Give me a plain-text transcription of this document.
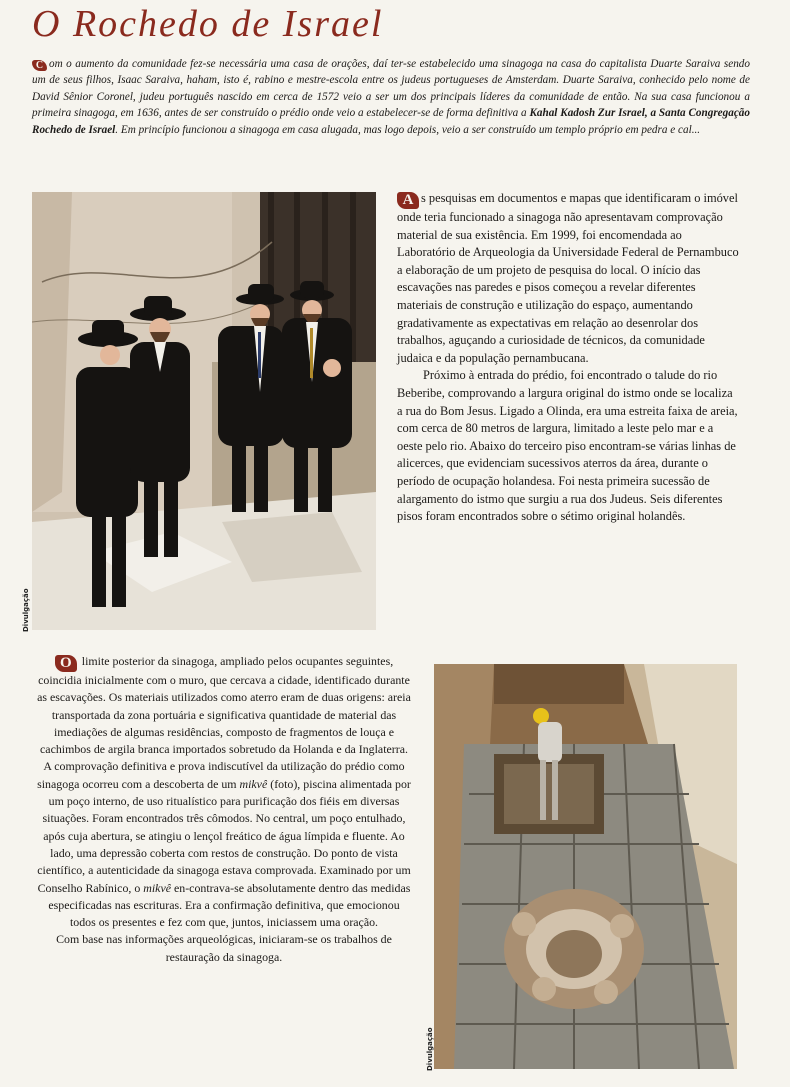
O Rochedo de Israel

C om o aumento da comunidade fez-se necessária uma casa de orações, daí ter-se estabelecido uma sinagoga na casa do capitalista Duarte Saraiva sendo um de seus filhos, Isaac Saraiva, haham, isto é, rabino e mestre-escola entre os judeus portugueses de Amsterdam. Duarte Saraiva, conhecido pelo nome de David Sênior Coronel, judeu português nascido em cerca de 1572 veio a ser um dos principais líderes da comunidade de então. Na sua casa funcionou a primeira sinagoga, em 1636, antes de ser construído o prédio onde veio a estabelecer-se de forma definitiva a Kahal Kadosh Zur Israel, a Santa Congregação Rochedo de Israel. Em princípio funcionou a sinagoga em casa alugada, mas logo depois, veio a ser construído um templo próprio em pedra e cal...

Divulgação

A s pesquisas em documentos e mapas que identificaram o imóvel onde teria funcionado a sinagoga não apresentavam comprovação material de sua existência. Em 1999, foi encomendada ao Laboratório de Arqueologia da Universidade Federal de Pernambuco a elaboração de um projeto de pesquisa do local. O início das escavações nas paredes e pisos começou a revelar diferentes materiais de construção e utilização do espaço, aumentando gradativamente as expectativas em relação ao desenrolar dos trabalhos, aguçando a curiosidade de técnicos, da comunidade judaica e da população pernambucana.

Próximo à entrada do prédio, foi encontrado o talude do rio Beberibe, comprovando a largura original do istmo onde se localiza a rua do Bom Jesus. Ligado a Olinda, era uma estreita faixa de areia, com cerca de 80 metros de largura, limitado a leste pelo mar e a oeste pelo rio. Abaixo do terceiro piso encontram-se várias linhas de alicerces, que evidenciam sucessivos aterros da área, durante o período de ocupação holandesa. Foi nesta primeira sucessão de alargamento do istmo que surgiu a rua dos Judeus. Seis diferentes pisos foram encontrados sobre o sétimo original holandês.

O limite posterior da sinagoga, ampliado pelos ocupantes seguintes, coincidia inicialmente com o muro, que cercava a cidade, identificado durante as escavações. Os materiais utilizados como aterro eram de duas origens: areia transportada da zona portuária e significativa quantidade de material das imediações de algumas residências, composto de fragmentos de louça e cachimbos de argila branca importados sobretudo da Holanda e da Inglaterra.

A comprovação definitiva e prova indiscutível da utilização do prédio como sinagoga ocorreu com a descoberta de um mikvê (foto), piscina alimentada por um poço interno, de uso ritualístico para purificação dos fiéis em diversas situações. Foram encontrados três cômodos. No central, um poço entulhado, após cuja abertura, se atingiu o lençol freático de água límpida e fluente. Ao lado, uma depressão coberta com restos de construção. Do ponto de vista científico, a autenticidade da sinagoga estava comprovada. Examinado por um Conselho Rabínico, o mikvê en-contrava-se absolutamente dentro das medidas especificadas nas escrituras. Era a confirmação definitiva, que emocionou todos os presentes e fez com que, juntos, iniciassem uma oração.

Com base nas informações arqueológicas, iniciaram-se os trabalhos de restauração da sinagoga.

Divulgação
